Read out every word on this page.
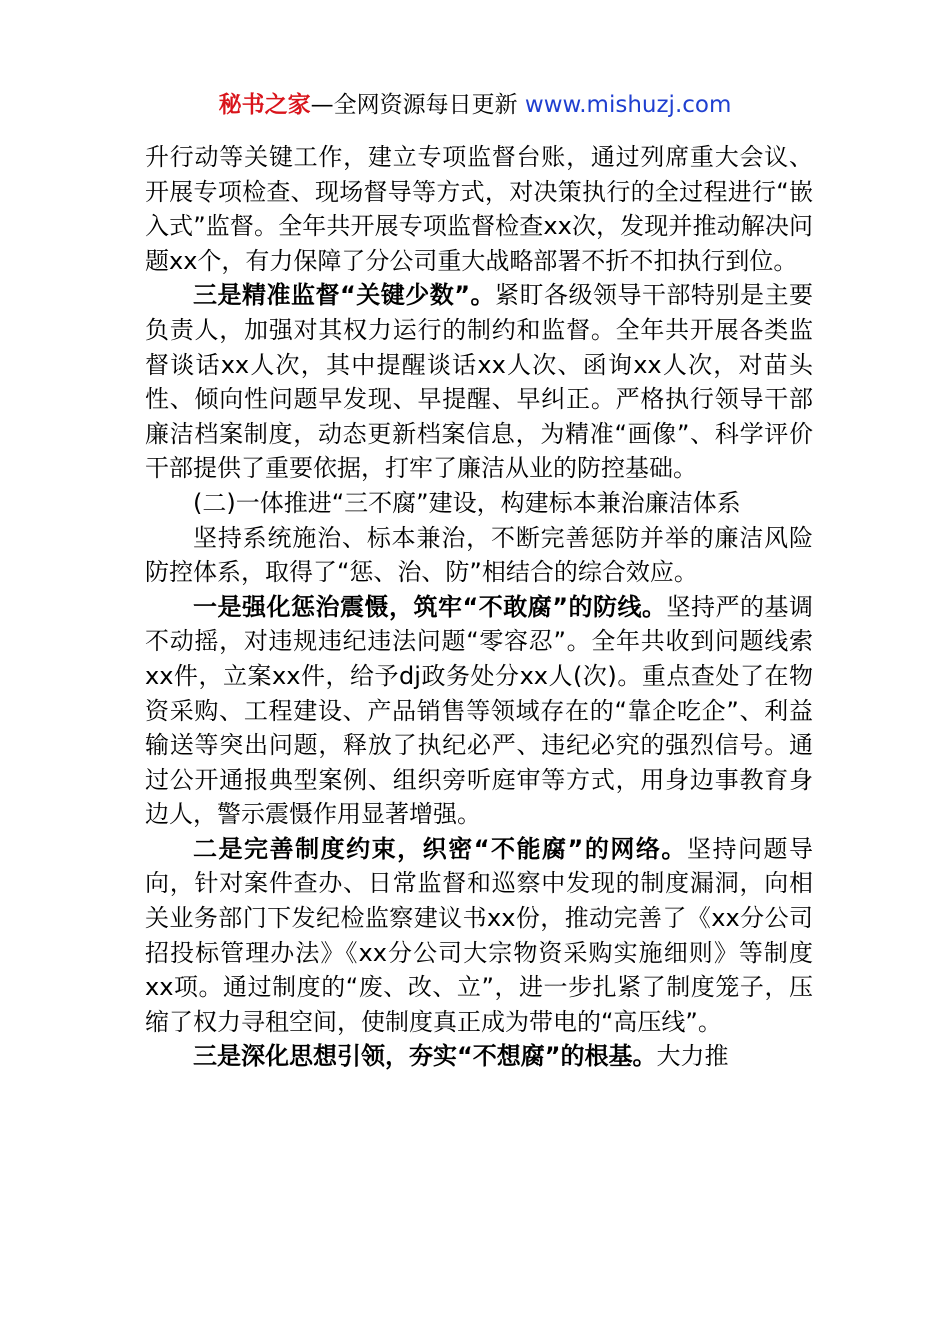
秘书之家—全网资源每日更新 www.mishuzj.com

升行动等关键工作，建立专项监督台账，通过列席重大会议、开展专项检查、现场督导等方式，对决策执行的全过程进行“嵌入式”监督。全年共开展专项监督检查xx次，发现并推动解决问题xx个，有力保障了分公司重大战略部署不折不扣执行到位。

三是精准监督“关键少数”。紧盯各级领导干部特别是主要负责人，加强对其权力运行的制约和监督。全年共开展各类监督谈话xx人次，其中提醒谈话xx人次、函询xx人次，对苗头性、倾向性问题早发现、早提醒、早纠正。严格执行领导干部廉洁档案制度，动态更新档案信息，为精准“画像”、科学评价干部提供了重要依据，打牢了廉洁从业的防控基础。

(二)一体推进“三不腐”建设，构建标本兼治廉洁体系

坚持系统施治、标本兼治，不断完善惩防并举的廉洁风险防控体系，取得了“惩、治、防”相结合的综合效应。

一是强化惩治震慑，筑牢“不敢腐”的防线。坚持严的基调不动摇，对违规违纪违法问题“零容忍”。全年共收到问题线索xx件，立案xx件，给予dj政务处分xx人(次)。重点查处了在物资采购、工程建设、产品销售等领域存在的“靠企吃企”、利益输送等突出问题，释放了执纪必严、违纪必究的强烈信号。通过公开通报典型案例、组织旁听庭审等方式，用身边事教育身边人，警示震慑作用显著增强。

二是完善制度约束，织密“不能腐”的网络。坚持问题导向，针对案件查办、日常监督和巡察中发现的制度漏洞，向相关业务部门下发纪检监察建议书xx份，推动完善了《xx分公司招投标管理办法》《xx分公司大宗物资采购实施细则》等制度xx项。通过制度的“废、改、立”，进一步扎紧了制度笼子，压缩了权力寻租空间，使制度真正成为带电的“高压线”。

三是深化思想引领，夯实“不想腐”的根基。大力推
